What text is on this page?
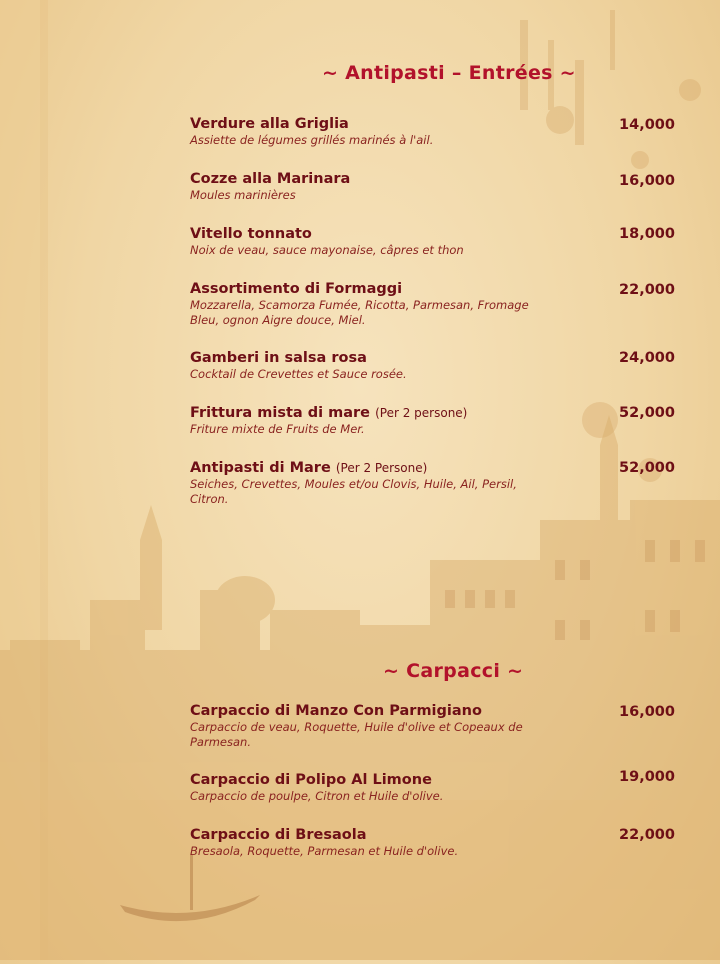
~ Antipasti – Entrées ~
Verdure alla Griglia
Assiette de légumes grillés marinés à l'ail.
14,000
Cozze alla Marinara
Moules marinières
16,000
Vitello tonnato
Noix de veau, sauce mayonaise, câpres et thon
18,000
Assortimento di Formaggi
Mozzarella, Scamorza Fumée, Ricotta, Parmesan, Fromage Bleu, ognon Aigre douce, Miel.
22,000
Gamberi in salsa rosa
Cocktail de Crevettes et Sauce rosée.
24,000
Frittura mista di mare (Per 2 persone)
Friture mixte de Fruits de Mer.
52,000
Antipasti di Mare (Per 2 Persone)
Seiches, Crevettes, Moules et/ou Clovis, Huile, Ail, Persil, Citron.
52,000
~ Carpacci ~
Carpaccio di Manzo Con Parmigiano
Carpaccio de veau, Roquette, Huile d'olive et Copeaux de Parmesan.
16,000
Carpaccio di Polipo Al Limone
Carpaccio de poulpe, Citron et Huile d'olive.
19,000
Carpaccio di Bresaola
Bresaola, Roquette, Parmesan et Huile d'olive.
22,000
